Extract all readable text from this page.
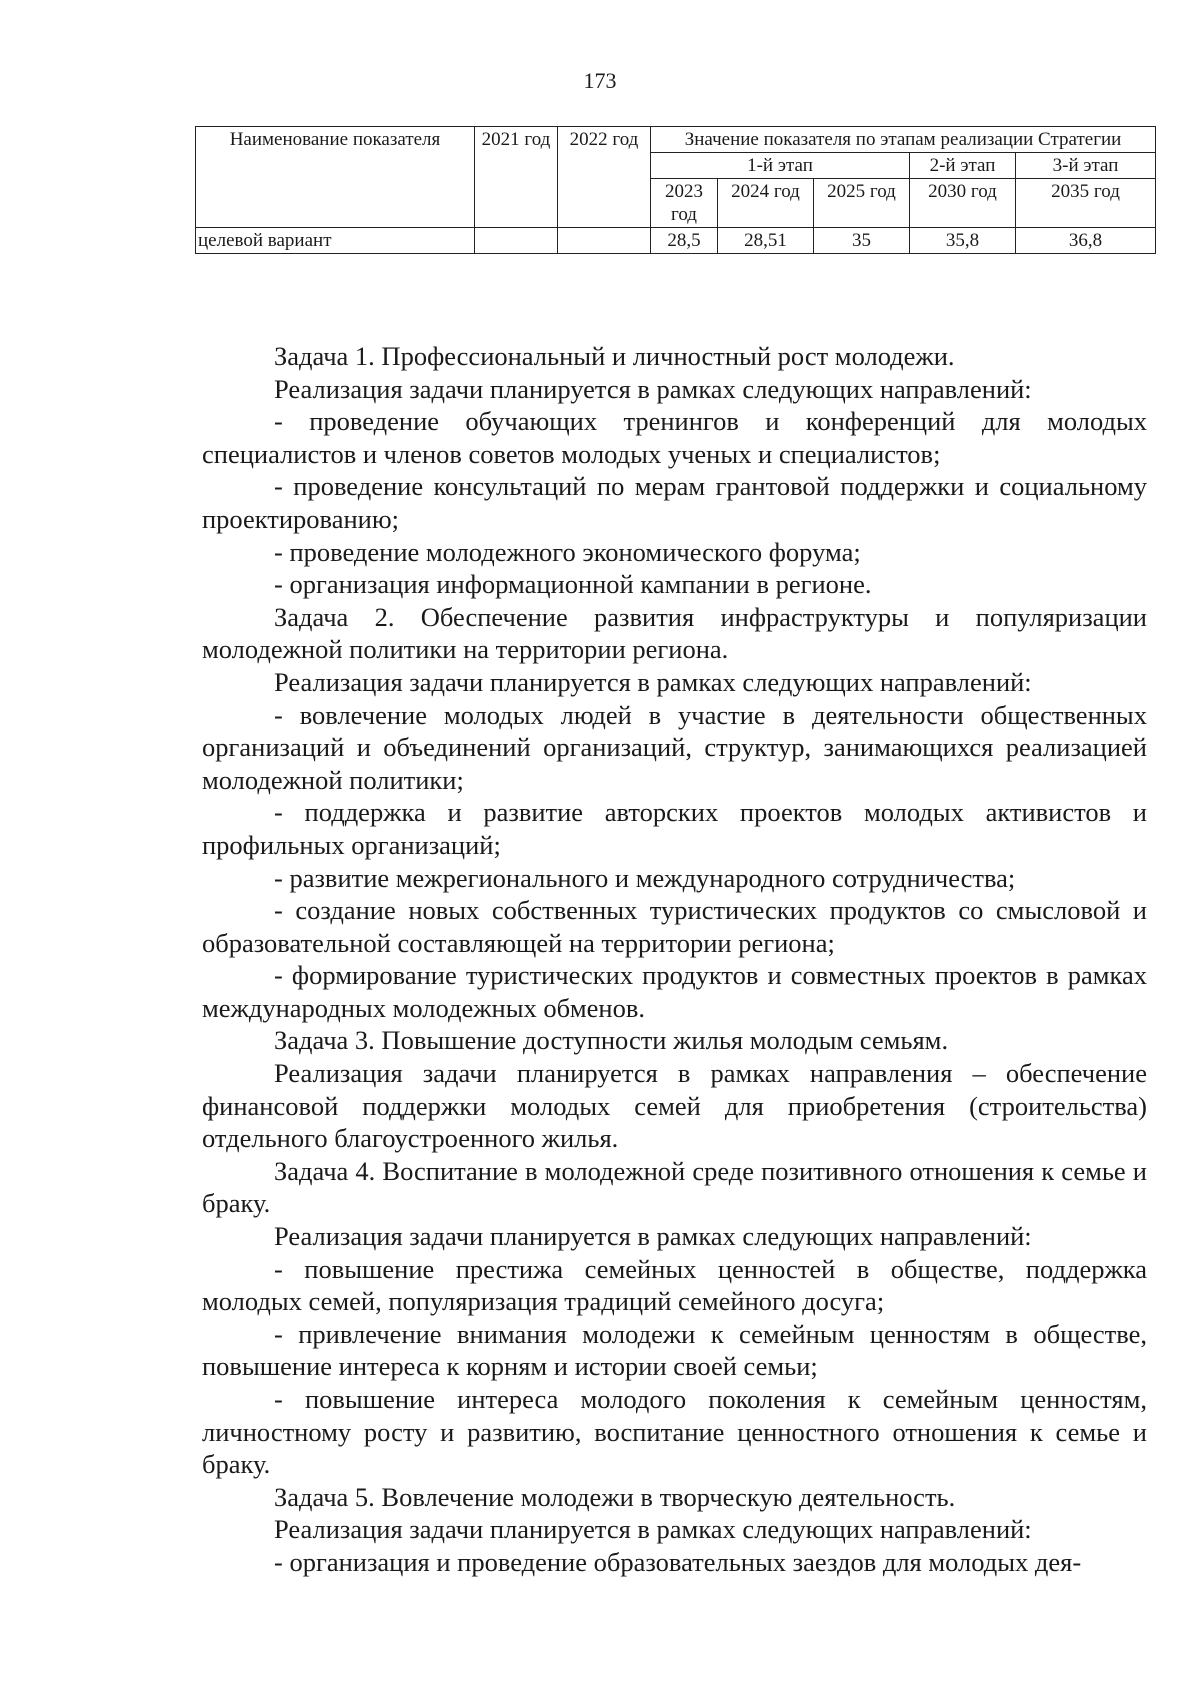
173
Наименование показателя	2021 год	2022 год	Значение показателя по этапам реализации Стратегии				
			1-й этап			2-й этап	3-й этап
			2023 год	2024 год	2025 год	2030 год	2035 год
целевой вариант			28,5	28,51	35	35,8	36,8

Задача 1. Профессиональный и личностный рост молодежи.

Реализация задачи планируется в рамках следующих направлений:

- проведение обучающих тренингов и конференций для молодых специалистов и членов советов молодых ученых и специалистов;

- проведение консультаций по мерам грантовой поддержки и социальному проектированию;

- проведение молодежного экономического форума;

- организация информационной кампании в регионе.

Задача 2. Обеспечение развития инфраструктуры и популяризации молодежной политики на территории региона.

Реализация задачи планируется в рамках следующих направлений:

- вовлечение молодых людей в участие в деятельности общественных организаций и объединений организаций, структур, занимающихся реализацией молодежной политики;

- поддержка и развитие авторских проектов молодых активистов и профильных организаций;

- развитие межрегионального и международного сотрудничества;

- создание новых собственных туристических продуктов со смысловой и образовательной составляющей на территории региона;

- формирование туристических продуктов и совместных проектов в рамках международных молодежных обменов.

Задача 3. Повышение доступности жилья молодым семьям.

Реализация задачи планируется в рамках направления – обеспечение финансовой поддержки молодых семей для приобретения (строительства) отдельного благоустроенного жилья.

Задача 4. Воспитание в молодежной среде позитивного отношения к семье и браку.

Реализация задачи планируется в рамках следующих направлений:

- повышение престижа семейных ценностей в обществе, поддержка молодых семей, популяризация традиций семейного досуга;

- привлечение внимания молодежи к семейным ценностям в обществе, повышение интереса к корням и истории своей семьи;

- повышение интереса молодого поколения к семейным ценностям, личностному росту и развитию, воспитание ценностного отношения к семье и браку.

Задача 5. Вовлечение молодежи в творческую деятельность.

Реализация задачи планируется в рамках следующих направлений:

- организация и проведение образовательных заездов для молодых дея-
